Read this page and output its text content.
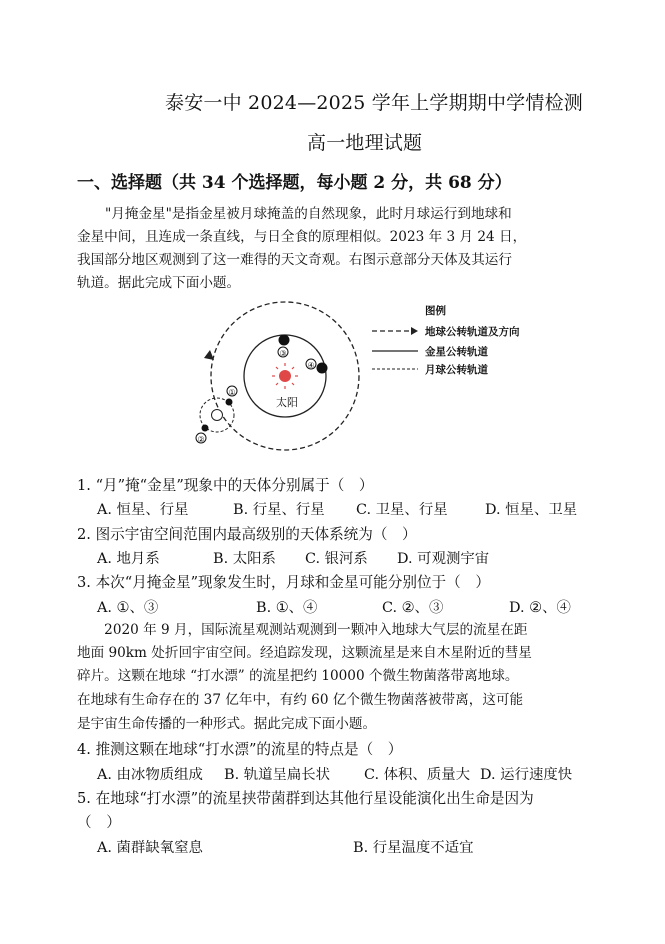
泰安一中 2024—2025 学年上学期期中学情检测
高一地理试题
一、选择题（共 34 个选择题，每小题 2 分，共 68 分）
"月掩金星"是指金星被月球掩盖的自然现象，此时月球运行到地球和
金星中间，且连成一条直线，与日全食的原理相似。2023 年 3 月 24 日，
我国部分地区观测到了这一难得的天文奇观。右图示意部分天体及其运行
轨道。据此完成下面小题。
太阳
③
④
①
②
图例
地球公转轨道及方向
金星公转轨道
月球公转轨道
1. “月”掩“金星”现象中的天体分别属于（　）
A. 恒星、行星	B. 行星、行星 C. 卫星、行星	D. 恒星、卫星
2. 图示宇宙空间范围内最高级别的天体系统为（　）
A. 地月系	B. 太阳系 C. 银河系 D. 可观测宇宙
3. 本次“月掩金星”现象发生时，月球和金星可能分别位于（　）
A. ①、③	B. ①、④	C. ②、③	D. ②、④
　　2020 年 9 月，国际流星观测站观测到一颗冲入地球大气层的流星在距
地面 90km 处折回宇宙空间。经追踪发现，这颗流星是来自木星附近的彗星
碎片。这颗在地球 “打水漂” 的流星把约 10000 个微生物菌落带离地球。
在地球有生命存在的 37 亿年中，有约 60 亿个微生物菌落被带离，这可能
是宇宙生命传播的一种形式。据此完成下面小题。
4. 推测这颗在地球“打水漂”的流星的特点是（　）
A. 由冰物质组成 B. 轨道呈扁长状 C. 体积、质量大 D. 运行速度快
5. 在地球“打水漂”的流星挟带菌群到达其他行星设能演化出生命是因为
（　）
A. 菌群缺氧窒息	B. 行星温度不适宜
